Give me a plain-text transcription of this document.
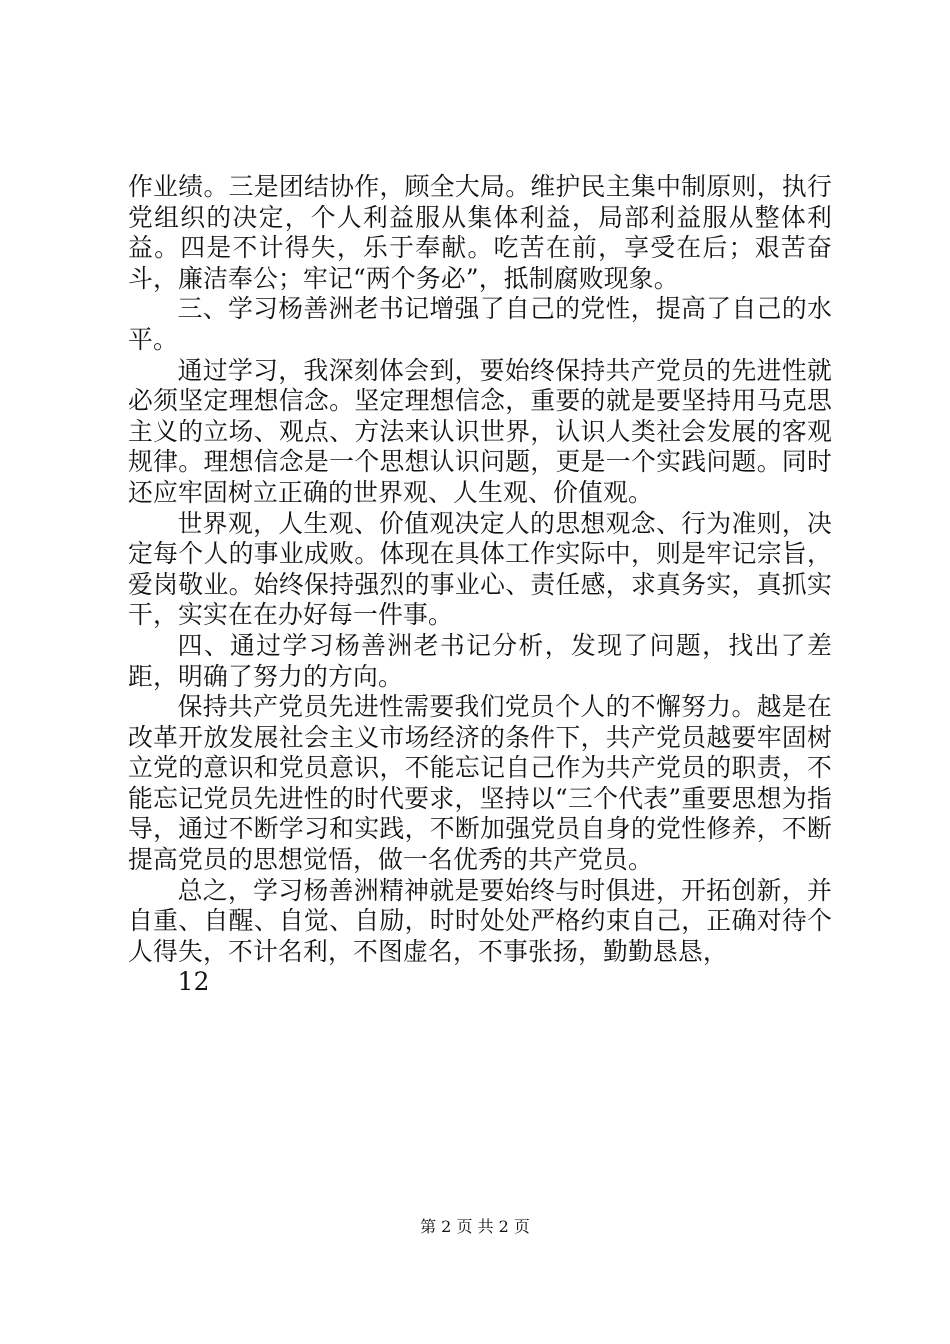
作业绩。三是团结协作，顾全大局。维护民主集中制原则，执行党组织的决定，个人利益服从集体利益，局部利益服从整体利益。四是不计得失，乐于奉献。吃苦在前，享受在后；艰苦奋斗，廉洁奉公；牢记“两个务必”，抵制腐败现象。

三、学习杨善洲老书记增强了自己的党性，提高了自己的水平。

通过学习，我深刻体会到，要始终保持共产党员的先进性就必须坚定理想信念。坚定理想信念，重要的就是要坚持用马克思主义的立场、观点、方法来认识世界，认识人类社会发展的客观规律。理想信念是一个思想认识问题，更是一个实践问题。同时还应牢固树立正确的世界观、人生观、价值观。

世界观，人生观、价值观决定人的思想观念、行为准则，决定每个人的事业成败。体现在具体工作实际中，则是牢记宗旨，爱岗敬业。始终保持强烈的事业心、责任感，求真务实，真抓实干，实实在在办好每一件事。

四、通过学习杨善洲老书记分析，发现了问题，找出了差距，明确了努力的方向。

保持共产党员先进性需要我们党员个人的不懈努力。越是在改革开放发展社会主义市场经济的条件下，共产党员越要牢固树立党的意识和党员意识，不能忘记自己作为共产党员的职责，不能忘记党员先进性的时代要求，坚持以“三个代表”重要思想为指导，通过不断学习和实践，不断加强党员自身的党性修养，不断提高党员的思想觉悟，做一名优秀的共产党员。

总之，学习杨善洲精神就是要始终与时俱进，开拓创新，并自重、自醒、自觉、自励，时时处处严格约束自己，正确对待个人得失，不计名利，不图虚名，不事张扬，勤勤恳恳，

12

第 2 页 共 2 页
